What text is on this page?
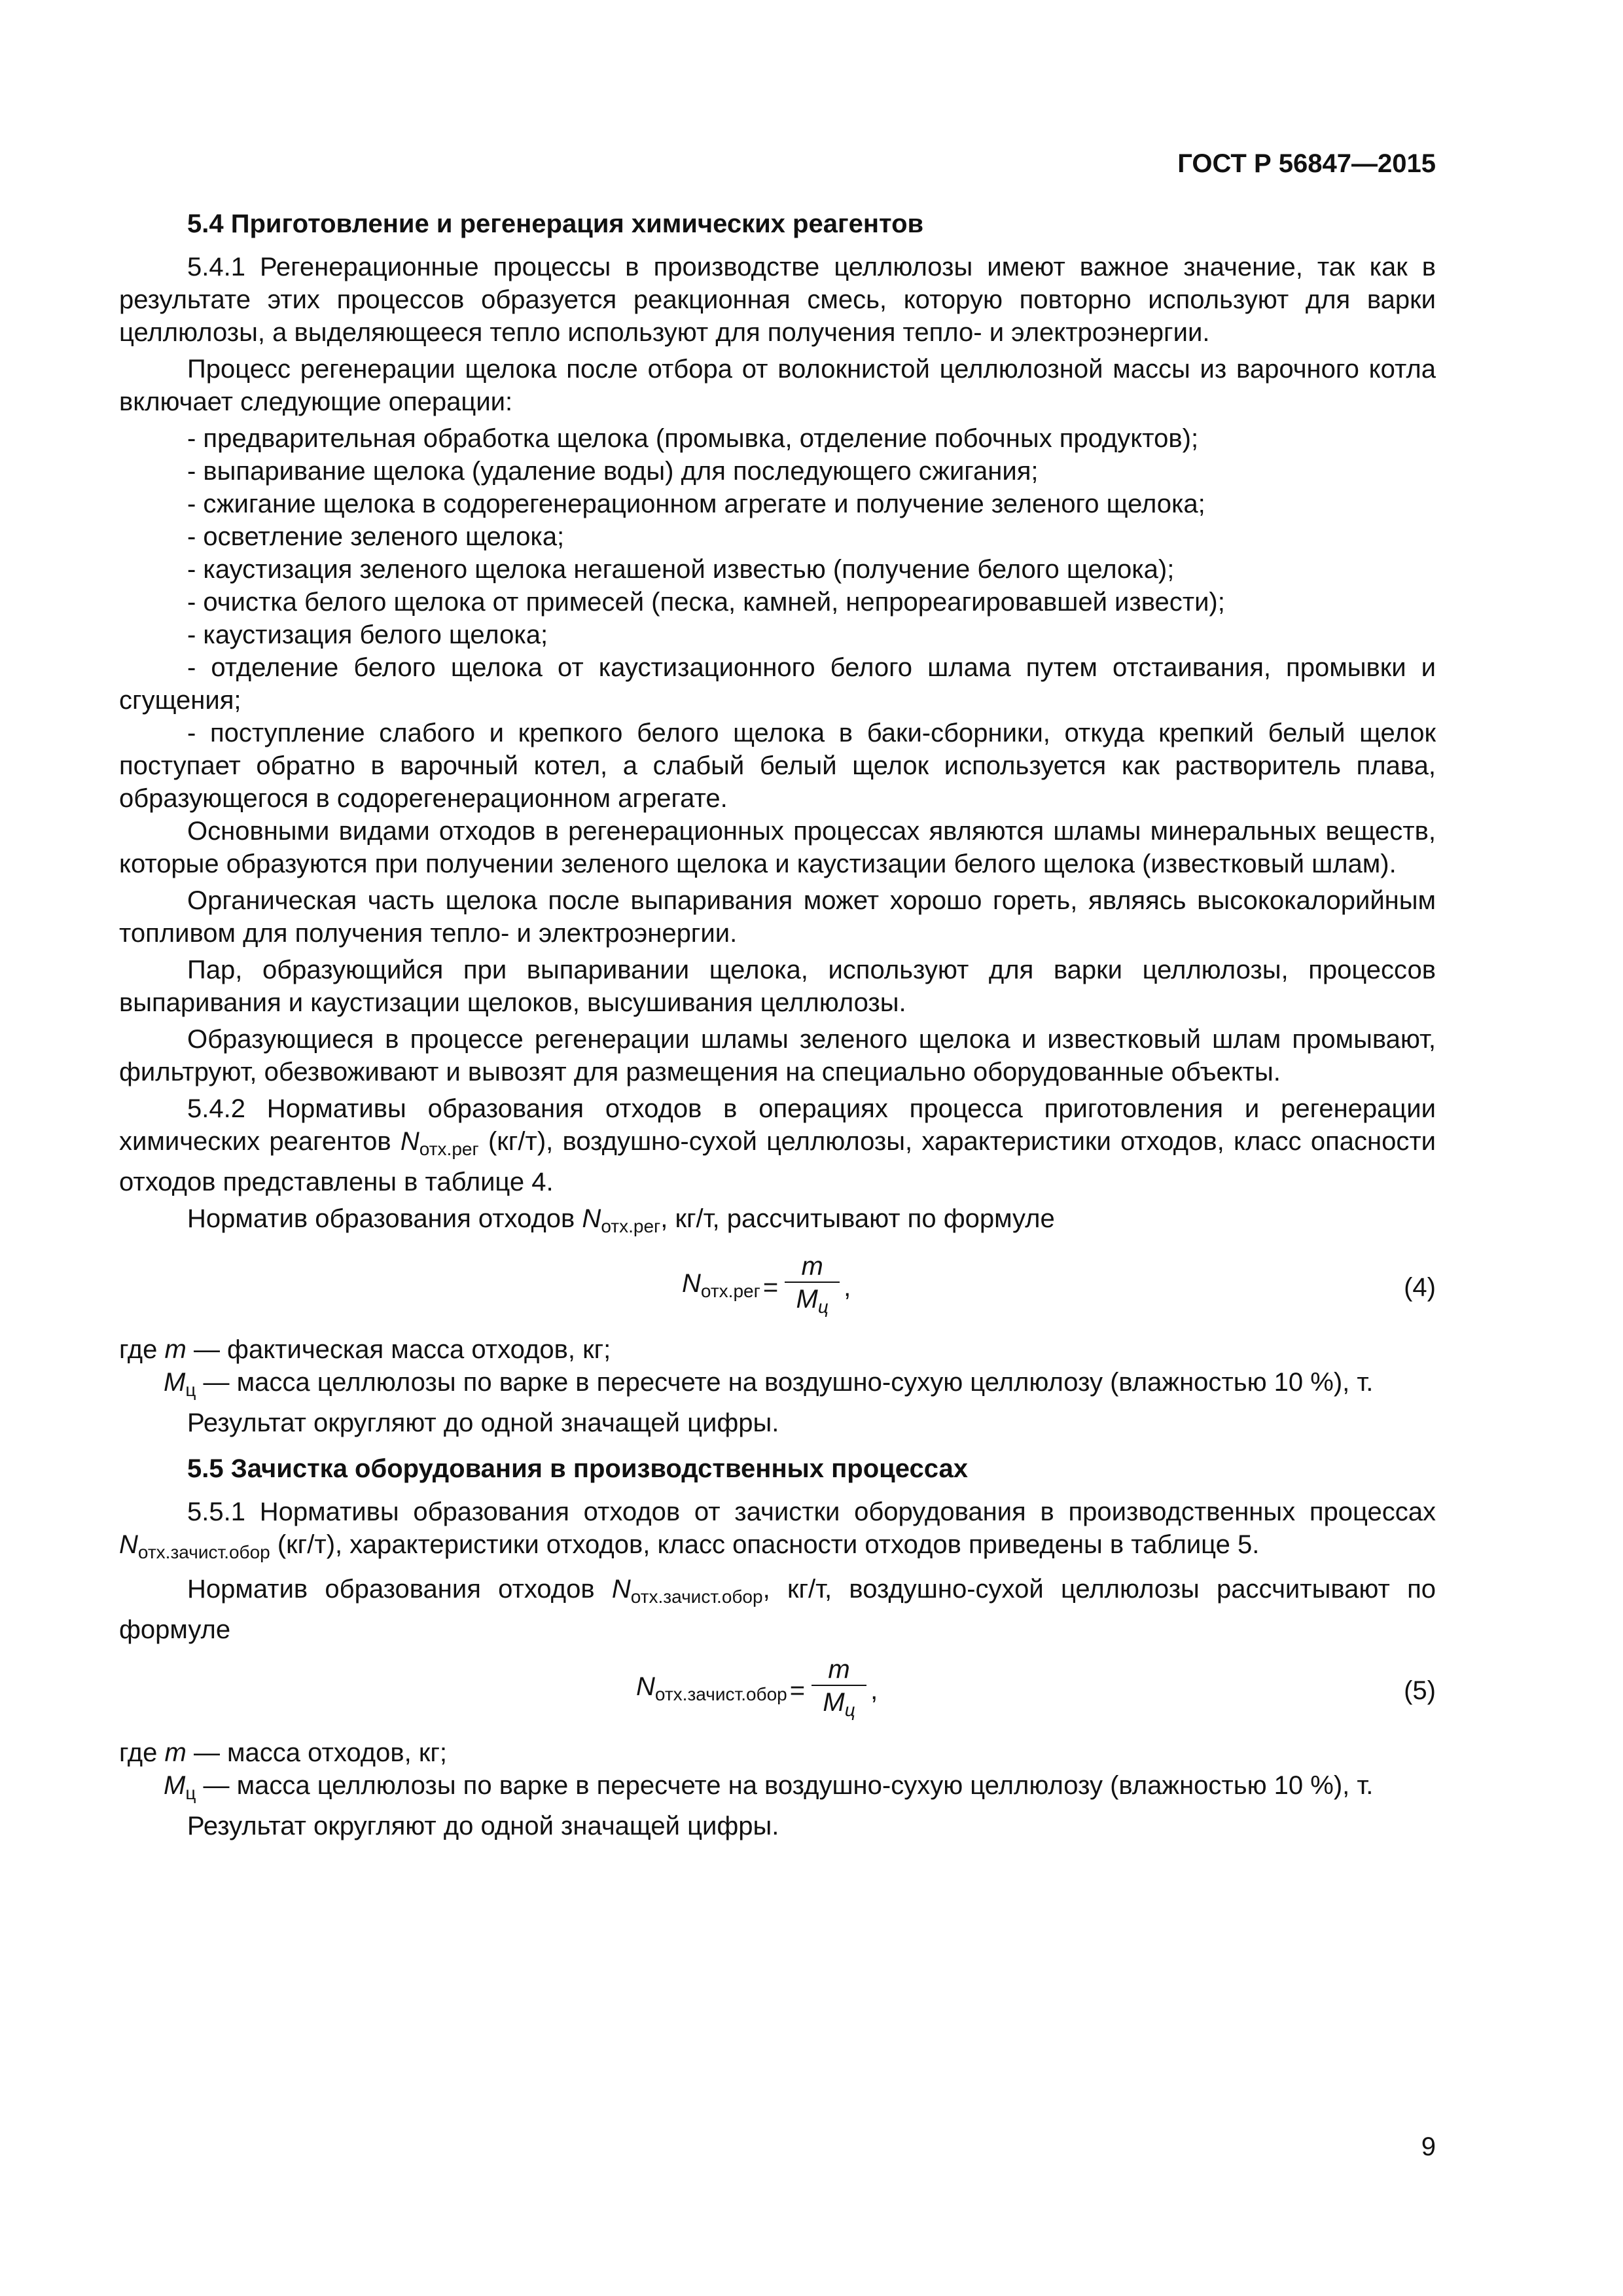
ГОСТ Р 56847—2015
5.4 Приготовление и регенерация химических реагентов

5.4.1 Регенерационные процессы в производстве целлюлозы имеют важное значение, так как в результате этих процессов образуется реакционная смесь, которую повторно используют для варки целлюлозы, а выделяющееся тепло используют для получения тепло- и электроэнергии.

Процесс регенерации щелока после отбора от волокнистой целлюлозной массы из варочного котла включает следующие операции:

- предварительная обработка щелока (промывка, отделение побочных продуктов);

- выпаривание щелока (удаление воды) для последующего сжигания;

- сжигание щелока в содорегенерационном агрегате и получение зеленого щелока;

- осветление зеленого щелока;

- каустизация зеленого щелока негашеной известью (получение белого щелока);

- очистка белого щелока от примесей (песка, камней, непрореагировавшей извести);

- каустизация белого щелока;

- отделение белого щелока от каустизационного белого шлама путем отстаивания, промывки и сгущения;

- поступление слабого и крепкого белого щелока в баки-сборники, откуда крепкий белый щелок поступает обратно в варочный котел, а слабый белый щелок используется как растворитель плава, образующегося в содорегенерационном агрегате.

Основными видами отходов в регенерационных процессах являются шламы минеральных веществ, которые образуются при получении зеленого щелока и каустизации белого щелока (известковый шлам).

Органическая часть щелока после выпаривания может хорошо гореть, являясь высококалорийным топливом для получения тепло- и электроэнергии.

Пар, образующийся при выпаривании щелока, используют для варки целлюлозы, процессов выпаривания и каустизации щелоков, высушивания целлюлозы.

Образующиеся в процессе регенерации шламы зеленого щелока и известковый шлам промывают, фильтруют, обезвоживают и вывозят для размещения на специально оборудованные объекты.

5.4.2 Нормативы образования отходов в операциях процесса приготовления и регенерации химических реагентов $N_{отх.рег}$ (кг/т), воздушно-сухой целлюлозы, характеристики отходов, класс опасности отходов представлены в таблице 4.

Норматив образования отходов $N_{отх.рег}$, кг/т, рассчитывают по формуле

$N_{отх.рег} = \frac{m}{M_ц}$ ,	(4)

где m — фактическая масса отходов, кг;

$M_ц$ — масса целлюлозы по варке в пересчете на воздушно-сухую целлюлозу (влажностью 10 %), т.

Результат округляют до одной значащей цифры.

5.5 Зачистка оборудования в производственных процессах

5.5.1 Нормативы образования отходов от зачистки оборудования в производственных процессах $N_{отх.зачист.обор}$ (кг/т), характеристики отходов, класс опасности отходов приведены в таблице 5.

Норматив образования отходов $N_{отх.зачист.обор}$, кг/т, воздушно-сухой целлюлозы рассчитывают по формуле

$N_{отх.зачист.обор} = \frac{m}{M_ц}$ ,	(5)

где m — масса отходов, кг;

$M_ц$ — масса целлюлозы по варке в пересчете на воздушно-сухую целлюлозу (влажностью 10 %), т.

Результат округляют до одной значащей цифры.

9
